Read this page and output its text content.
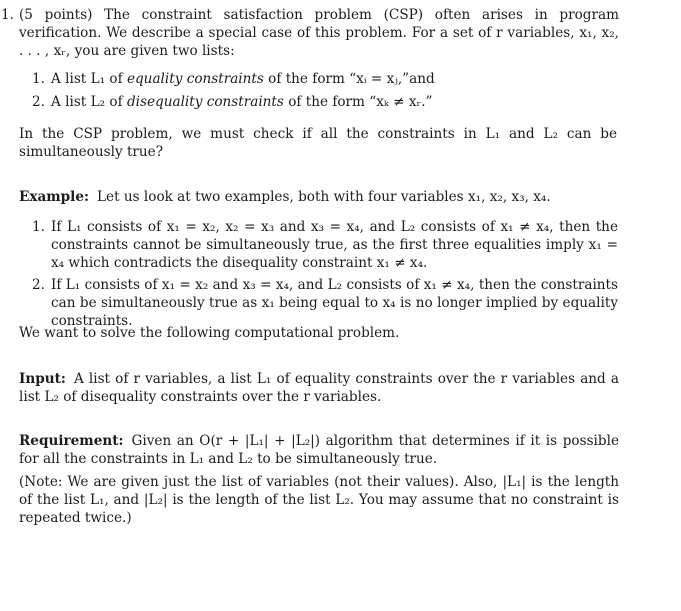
1. (5 points) The constraint satisfaction problem (CSP) often arises in program verification. We describe a special case of this problem. For a set of r variables, x₁, x₂, . . . , xᵣ, you are given two lists:
1. A list L₁ of equality constraints of the form “xᵢ = xⱼ,”and
2. A list L₂ of disequality constraints of the form “xₖ ≠ xᵣ.”
In the CSP problem, we must check if all the constraints in L₁ and L₂ can be simultaneously true?
Example: Let us look at two examples, both with four variables x₁, x₂, x₃, x₄.
1. If L₁ consists of x₁ = x₂, x₂ = x₃ and x₃ = x₄, and L₂ consists of x₁ ≠ x₄, then the constraints cannot be simultaneously true, as the first three equalities imply x₁ = x₄ which contradicts the disequality constraint x₁ ≠ x₄.
2. If L₁ consists of x₁ = x₂ and x₃ = x₄, and L₂ consists of x₁ ≠ x₄, then the constraints can be simultaneously true as x₁ being equal to x₄ is no longer implied by equality constraints.
We want to solve the following computational problem.
Input: A list of r variables, a list L₁ of equality constraints over the r variables and a list L₂ of disequality constraints over the r variables.
Requirement: Given an O(r + |L₁| + |L₂|) algorithm that determines if it is possible for all the constraints in L₁ and L₂ to be simultaneously true.
(Note: We are given just the list of variables (not their values). Also, |L₁| is the length of the list L₁, and |L₂| is the length of the list L₂. You may assume that no constraint is repeated twice.)
